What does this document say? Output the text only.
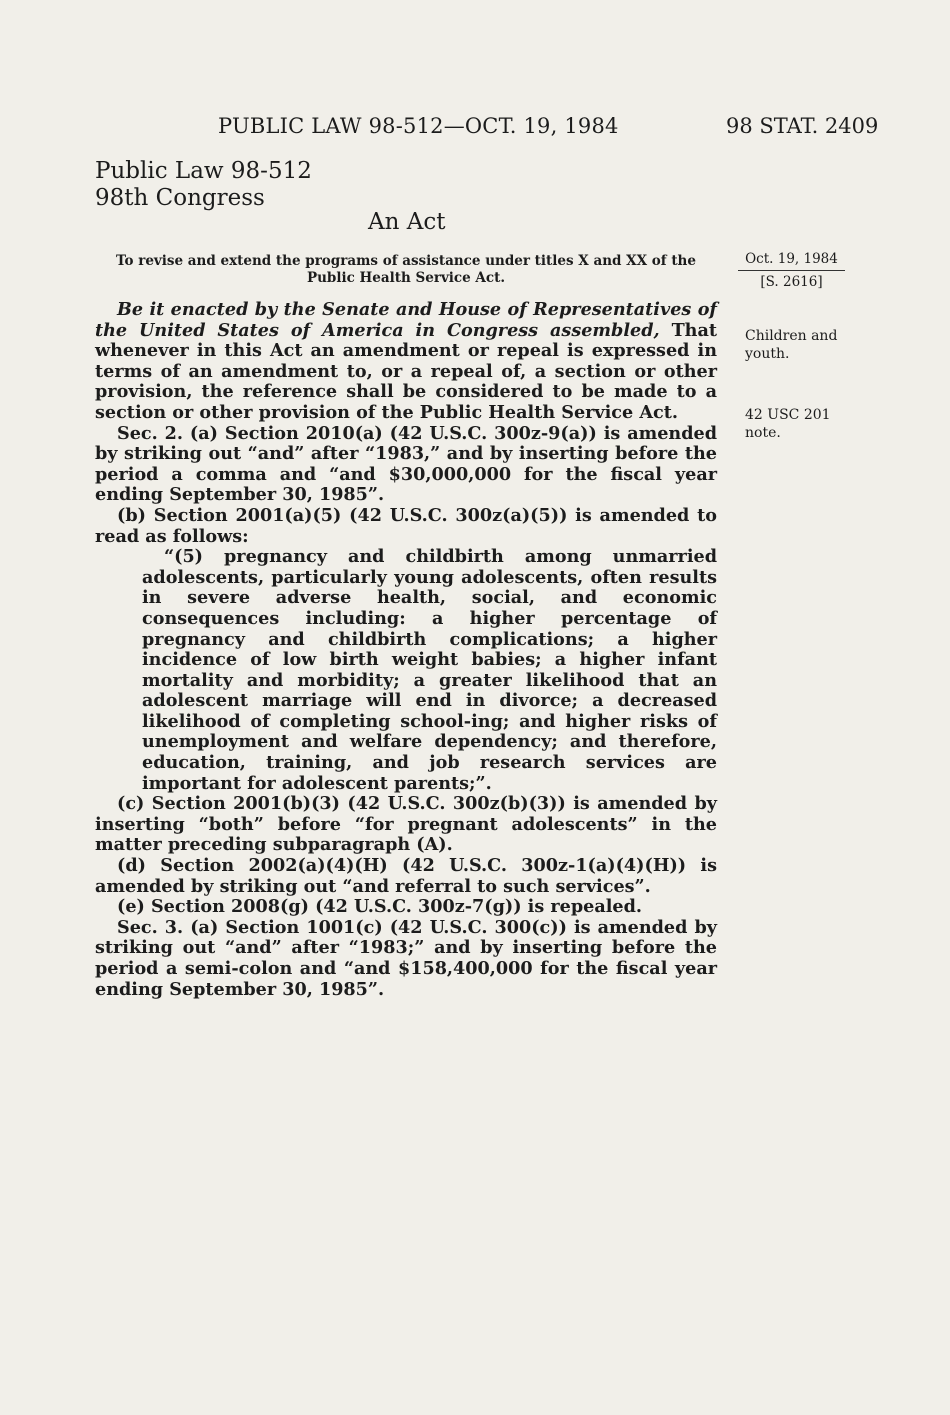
PUBLIC LAW 98-512—OCT. 19, 1984	98 STAT. 2409
Public Law 98-512
98th Congress
An Act
To revise and extend the programs of assistance under titles X and XX of the Public Health Service Act.
Oct. 19, 1984
[S. 2616]
Children and youth.
42 USC 201 note.

Be it enacted by the Senate and House of Representatives of the United States of America in Congress assembled, That whenever in this Act an amendment or repeal is expressed in terms of an amendment to, or a repeal of, a section or other provision, the reference shall be considered to be made to a section or other provision of the Public Health Service Act.

Sec. 2. (a) Section 2010(a) (42 U.S.C. 300z-9(a)) is amended by striking out “and” after “1983,” and by inserting before the period a comma and “and $30,000,000 for the fiscal year ending September 30, 1985”.

(b) Section 2001(a)(5) (42 U.S.C. 300z(a)(5)) is amended to read as follows:

“(5) pregnancy and childbirth among unmarried adolescents, particularly young adolescents, often results in severe adverse health, social, and economic consequences including: a higher percentage of pregnancy and childbirth complications; a higher incidence of low birth weight babies; a higher infant mortality and morbidity; a greater likelihood that an adolescent marriage will end in divorce; a decreased likelihood of completing school-ing; and higher risks of unemployment and welfare dependency; and therefore, education, training, and job research services are important for adolescent parents;”.

(c) Section 2001(b)(3) (42 U.S.C. 300z(b)(3)) is amended by inserting “both” before “for pregnant adolescents” in the matter preceding subparagraph (A).

(d) Section 2002(a)(4)(H) (42 U.S.C. 300z-1(a)(4)(H)) is amended by striking out “and referral to such services”.

(e) Section 2008(g) (42 U.S.C. 300z-7(g)) is repealed.

Sec. 3. (a) Section 1001(c) (42 U.S.C. 300(c)) is amended by striking out “and” after “1983;” and by inserting before the period a semi-colon and “and $158,400,000 for the fiscal year ending September 30, 1985”.
